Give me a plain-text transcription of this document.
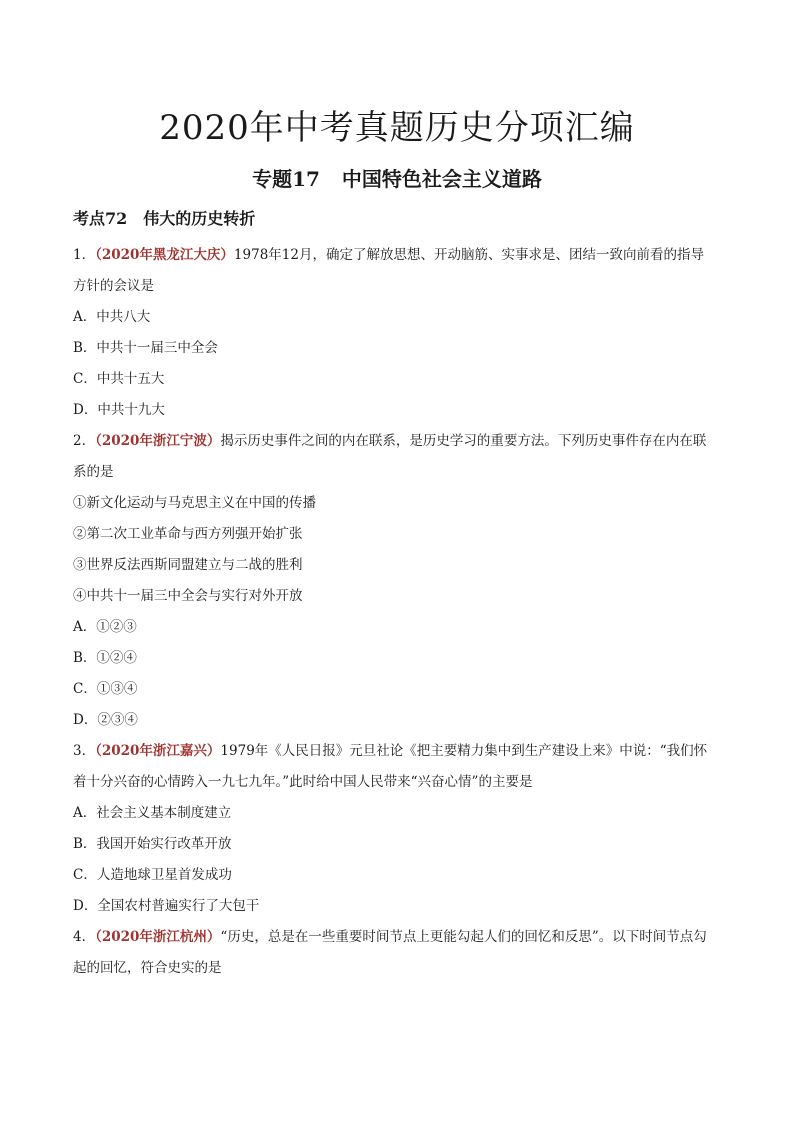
2020年中考真题历史分项汇编
专题17 中国特色社会主义道路
考点72 伟大的历史转折
1．（2020年黑龙江大庆）1978年12月，确定了解放思想、开动脑筋、实事求是、团结一致向前看的指导
方针的会议是
A．中共八大
B．中共十一届三中全会
C．中共十五大
D．中共十九大
2．（2020年浙江宁波）揭示历史事件之间的内在联系，是历史学习的重要方法。下列历史事件存在内在联
系的是
①新文化运动与马克思主义在中国的传播
②第二次工业革命与西方列强开始扩张
③世界反法西斯同盟建立与二战的胜利
④中共十一届三中全会与实行对外开放
A．①②③
B．①②④
C．①③④
D．②③④
3．（2020年浙江嘉兴）1979年《人民日报》元旦社论《把主要精力集中到生产建设上来》中说：“我们怀
着十分兴奋的心情跨入一九七九年。”此时给中国人民带来“兴奋心情”的主要是
A．社会主义基本制度建立
B．我国开始实行改革开放
C．人造地球卫星首发成功
D．全国农村普遍实行了大包干
4．（2020年浙江杭州）“历史，总是在一些重要时间节点上更能勾起人们的回忆和反思”。以下时间节点勾
起的回忆，符合史实的是
